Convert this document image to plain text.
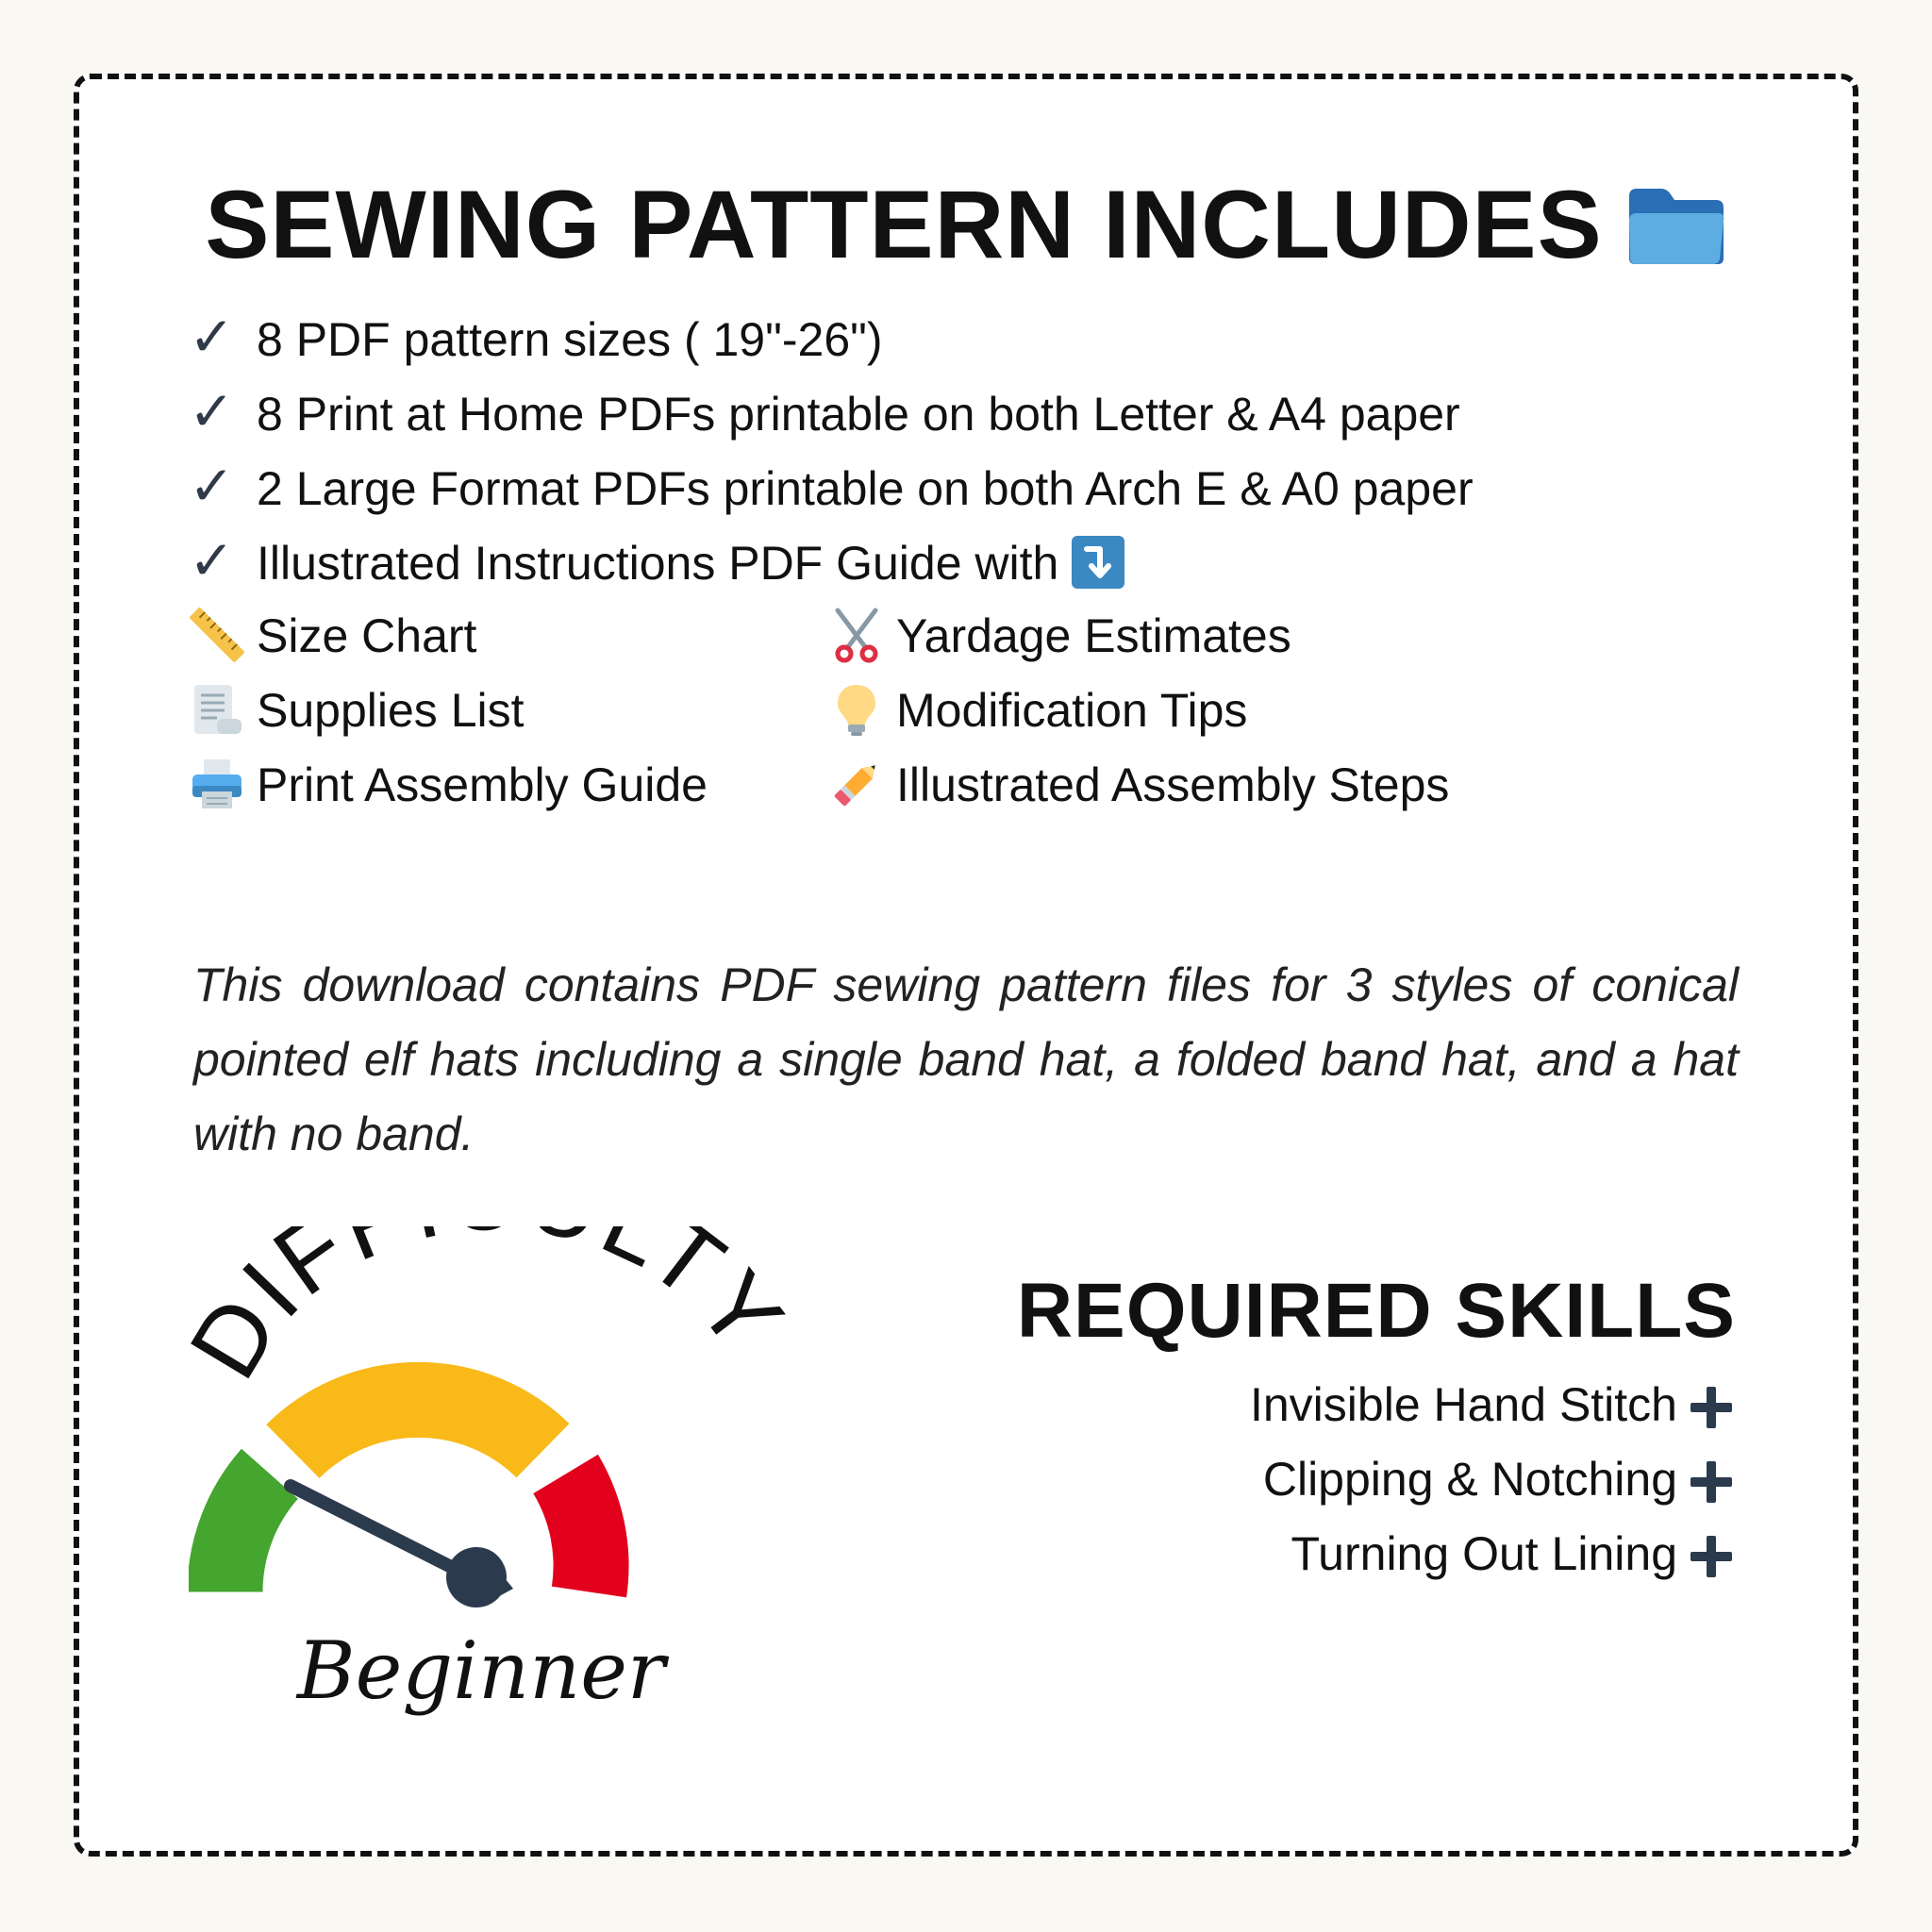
SEWING PATTERN INCLUDES
✓ 8 PDF pattern sizes ( 19"-26")
✓ 8 Print at Home PDFs printable on both Letter & A4 paper
✓ 2 Large Format PDFs printable on both Arch E & A0 paper
✓ Illustrated Instructions PDF Guide with
Size Chart	Yardage Estimates
Supplies List	Modification Tips
Print Assembly Guide	Illustrated Assembly Steps

This download contains PDF sewing pattern files for 3 styles of conical pointed elf hats including a single band hat, a folded band hat, and a hat with no band.

IF T
Beginner
REQUIRED SKILLS
Invisible Hand Stitch
Clipping & Notching
Turning Out Lining
